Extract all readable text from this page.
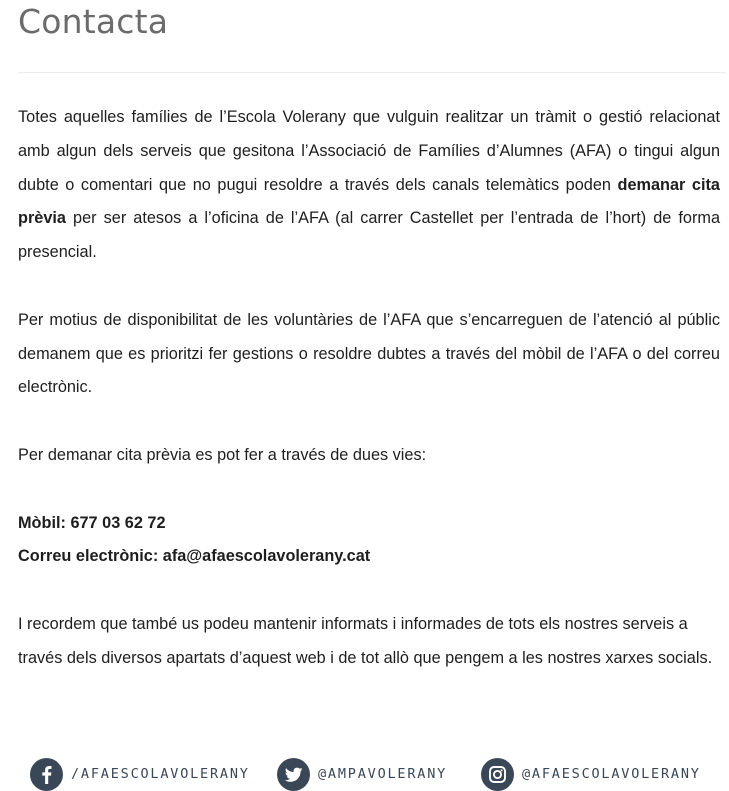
Contacta

Totes aquelles famílies de l’Escola Volerany que vulguin realitzar un tràmit o gestió relacionat amb algun dels serveis que gesitona l’Associació de Famílies d’Alumnes (AFA) o tingui algun dubte o comentari que no pugui resoldre a través dels canals telemàtics poden demanar cita prèvia per ser atesos a l’oficina de l’AFA (al carrer Castellet per l’entrada de l’hort) de forma presencial.

Per motius de disponibilitat de les voluntàries de l’AFA que s’encarreguen de l’atenció al públic demanem que es prioritzi fer gestions o resoldre dubtes a través del mòbil de l’AFA o del correu electrònic.

Per demanar cita prèvia es pot fer a través de dues vies:

Mòbil: 677 03 62 72

Correu electrònic: afa@afaescolavolerany.cat

I recordem que també us podeu mantenir informats i informades de tots els nostres serveis a través dels diversos apartats d’aquest web i de tot allò que pengem a les nostres xarxes socials.

/AFAESCOLAVOLERANY	@AMPAVOLERANY	@AFAESCOLAVOLERANY
